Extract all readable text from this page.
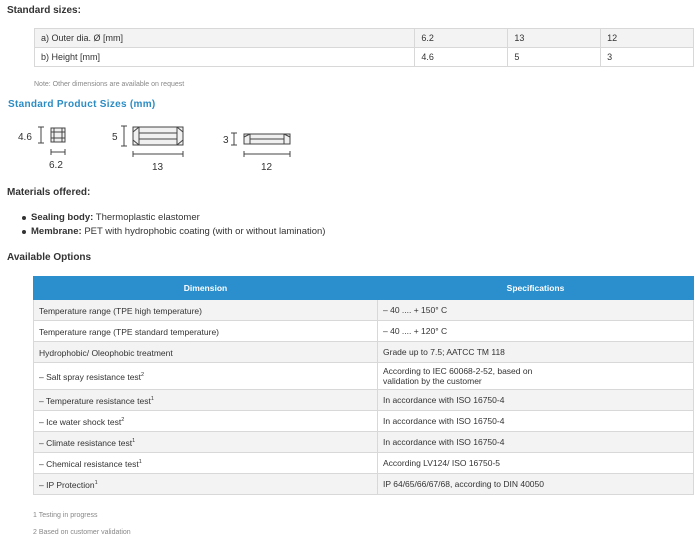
Standard sizes:
a) Outer dia. Ø [mm]	6.2	13	12
b) Height [mm]	4.6	5	3
Note: Other dimensions are available on request
Standard Product Sizes (mm)
4.6
6.2
5
13
3
12
Materials offered:
Sealing body: Thermoplastic elastomer
Membrane: PET with hydrophobic coating (with or without lamination)
Available Options
Dimension	Specifications
Temperature range (TPE high temperature)	– 40 .... + 150° C
Temperature range (TPE standard temperature)	– 40 .... + 120° C
Hydrophobic/ Oleophobic treatment	Grade up to 7.5; AATCC TM 118
– Salt spray resistance test$^2$	According to IEC 60068-2-52, based on
validation by the customer
– Temperature resistance test$^1$	In accordance with ISO 16750-4
– Ice water shock test$^2$	In accordance with ISO 16750-4
– Climate resistance test$^1$	In accordance with ISO 16750-4
– Chemical resistance test$^1$	According LV124/ ISO 16750-5
– IP Protection$^1$	IP 64/65/66/67/68, according to DIN 40050
1 Testing in progress
2 Based on customer validation
